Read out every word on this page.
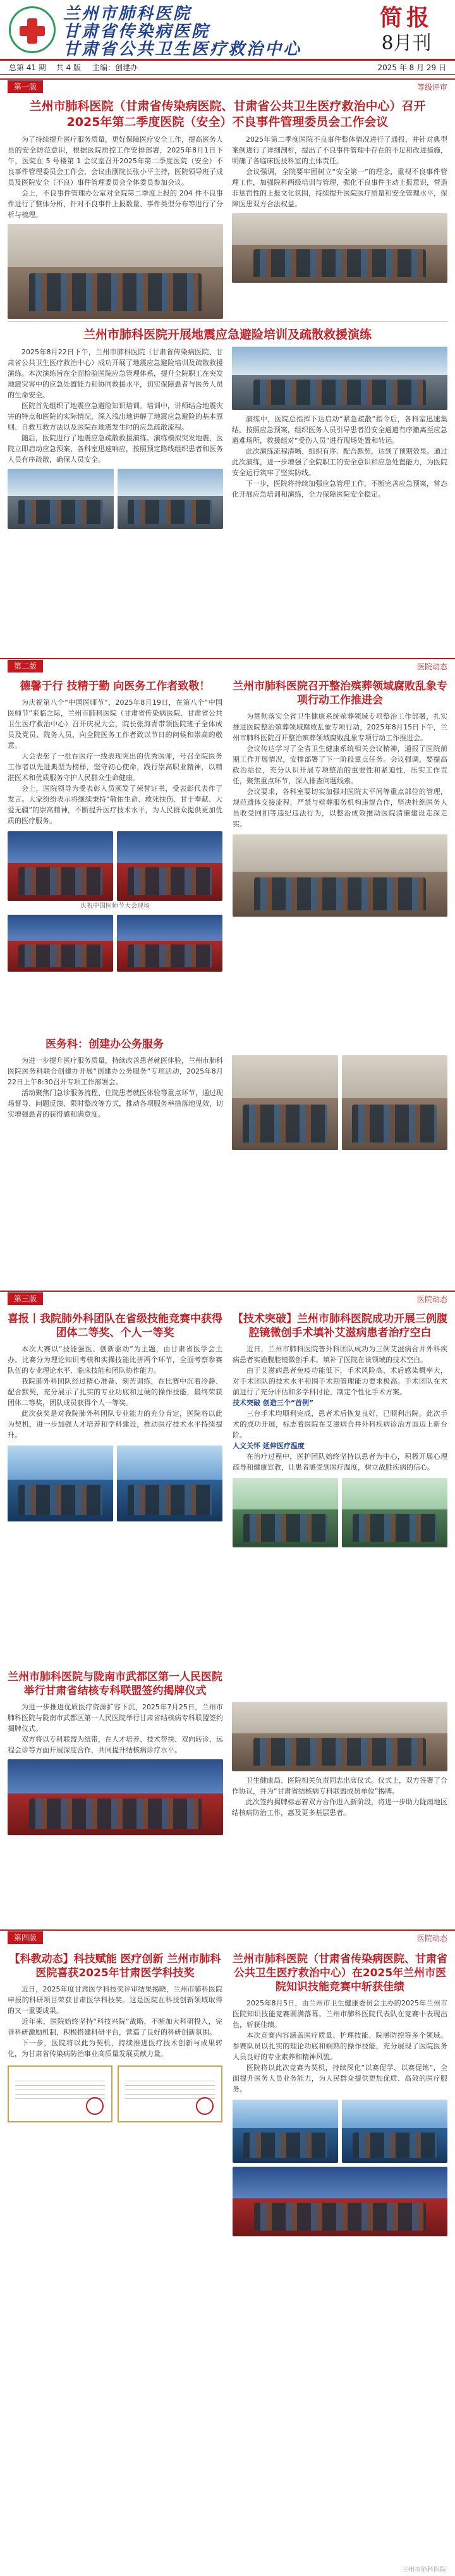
兰州市肺科医院
甘肃省传染病医院
甘肃省公共卫生医疗救治中心
简报
8月刊
总第 41 期 　共 4 版 主编：创建办	2025 年 8 月 29 日
第一版	等级评审
兰州市肺科医院（甘肃省传染病医院、甘肃省公共卫生医疗救治中心）召开2025年第二季度医院（安全）不良事件管理委员会工作会议

为了持续提升医疗服务质量，更好保障医疗安全工作，提高医务人员的安全防范意识，根据医院质控工作安排部署，2025年8月1日下午，医院在 5 号楼第 1 会议室召开2025年第二季度医院（安全）不良事件管理委员会工作会，会议由副院长张小平主持，医院领导班子成员及医院安全（不良）事件管理委员会全体委员参加会议。

会上，不良事件管理办公室对全院第二季度上报的 204 件不良事件进行了整体分析，针对不良事件上报数量、事件类型分布等进行了分析与梳理。

2025年第二季度医院不良事件整体情况进行了通报，并针对典型案例进行了详细剖析，提出了不良事件管理中存在的不足和改进措施，明确了各临床医技科室的主体责任。

会议强调，全院要牢固树立“安全第一”的理念，重视不良事件管理工作，加强院科两级培训与管理，强化不良事件主动上报意识，营造非惩罚性的上报文化氛围，持续提升医院医疗质量和安全管理水平，保障医患双方合法权益。

兰州市肺科医院开展地震应急避险培训及疏散救援演练

2025年8月22日下午，兰州市肺科医院（甘肃省传染病医院、甘肃省公共卫生医疗救治中心）成功开展了地震应急避险培训及疏散救援演练。本次演练旨在全面检验医院应急管理体系，提升全院职工在突发地震灾害中的应急处置能力和协同救援水平，切实保障患者与医务人员的生命安全。

医院首先组织了地震应急避险知识培训。培训中，讲师结合地震灾害的特点和医院的实际情况，深入浅出地讲解了地震应急避险的基本原则、自救互救方法以及医院在地震发生时的应急疏散流程。

随后，医院进行了地震应急疏散救援演练。演练模拟突发地震，医院立即启动应急预案，各科室迅速响应，按照预定路线组织患者和医务人员有序疏散，确保人员安全。

演练中，医院总指挥下达启动“紧急疏散”指令后，各科室迅速集结，按照应急预案，组织医务人员引导患者沿安全通道有序撤离至应急避难场所，救援组对“受伤人员”进行现场处置和转运。

此次演练流程清晰、组织有序、配合默契，达到了预期效果。通过此次演练，进一步增强了全院职工的安全意识和应急处置能力，为医院安全运行筑牢了坚实防线。

下一步，医院将持续加强应急管理工作，不断完善应急预案，常态化开展应急培训和演练，全力保障医院安全稳定。

第二版	医院动态
德馨于行 技精于勤 向医务工作者致敬！

为庆祝第八个“中国医师节”，2025年8月19日，在第八个“中国医师节”来临之际，兰州市肺科医院（甘肃省传染病医院、甘肃省公共卫生医疗救治中心）召开庆祝大会，院长张海青带领医院班子全体成员及党员、院务人员，向全院医务工作者致以节日的问候和崇高的敬意。

大会表彰了一批在医疗一线表现突出的优秀医师，号召全院医务工作者以先进典型为榜样，坚守初心使命，践行崇高职业精神，以精湛医术和优质服务守护人民群众生命健康。

会上，医院领导为受表彰人员颁发了荣誉证书，受表彰代表作了发言。大家纷纷表示将继续秉持“敬佑生命、救死扶伤、甘于奉献、大爱无疆”的崇高精神，不断提升医疗技术水平，为人民群众提供更加优质的医疗服务。

庆祝中国医师节大会现场
兰州市肺科医院召开整治殡葬领域腐败乱象专项行动工作推进会

为贯彻落实全省卫生健康系统殡葬领域专项整治工作部署，扎实推进医院整治殡葬领域腐败乱象专项行动，2025年8月15日下午，兰州市肺科医院召开整治殡葬领域腐败乱象专项行动工作推进会。

会议传达学习了全省卫生健康系统相关会议精神，通报了医院前期工作开展情况，安排部署了下一阶段重点任务。会议强调，要提高政治站位，充分认识开展专项整治的重要性和紧迫性，压实工作责任，聚焦重点环节，深入排查问题线索。

会议要求，各科室要切实加强对医院太平间等重点部位的管理，规范遗体交接流程，严禁与殡葬服务机构违规合作，坚决杜绝医务人员收受回扣等违纪违法行为，以整治成效推动医院清廉建设走深走实。

医务科：创建办公务服务

为进一步提升医疗服务质量，持续改善患者就医体验，兰州市肺科医院医务科联合创建办开展“创建办公务服务”专项活动，2025年8月22日上午8:30召开专项工作部署会。

活动聚焦门急诊服务流程、住院患者就医体验等重点环节，通过现场督导、问题反馈、限时整改等方式，推动各项服务举措落地见效，切实增强患者的获得感和满意度。

第三版	医院动态
喜报丨我院肺外科团队在省级技能竞赛中获得团体二等奖、个人一等奖

本次大赛以“技能强医、创新驱动”为主题，由甘肃省医学会主办。比赛分为理论知识考核和实操技能比拼两个环节，全面考察参赛队伍的专业理论水平、临床技能和团队协作能力。

我院肺外科团队经过精心准备、刻苦训练，在比赛中沉着冷静、配合默契，充分展示了扎实的专业功底和过硬的操作技能，最终荣获团体二等奖，团队成员获得个人一等奖。

此次获奖是对我院肺外科团队专业能力的充分肯定，医院将以此为契机，进一步加强人才培养和学科建设，推动医疗技术水平持续提升。

【技术突破】兰州市肺科医院成功开展三例腹腔镜微创手术填补艾滋病患者治疗空白

近日，兰州市肺科医院普外科团队成功为三例艾滋病合并外科疾病患者实施腹腔镜微创手术，填补了医院在该领域的技术空白。

由于艾滋病患者免疫功能低下，手术风险高、术后感染概率大，对手术团队的技术水平和围手术期管理能力要求极高。手术团队在术前进行了充分评估和多学科讨论，制定个性化手术方案。

技术突破 创造三个“首例”

三台手术均顺利完成，患者术后恢复良好，已顺利出院。此次手术的成功开展，标志着医院在艾滋病合并外科疾病诊治方面迈上新台阶。

人文关怀 延伸医疗温度

在治疗过程中，医护团队始终坚持以患者为中心，积极开展心理疏导和健康宣教，让患者感受到医疗温度，树立战胜疾病的信心。

兰州市肺科医院与陇南市武都区第一人民医院举行甘肃省结核专科联盟签约揭牌仪式

为进一步推进优质医疗资源扩容下沉，2025年7月25日，兰州市肺科医院与陇南市武都区第一人民医院举行甘肃省结核病专科联盟签约揭牌仪式。

双方将以专科联盟为纽带，在人才培养、技术帮扶、双向转诊、远程会诊等方面开展深度合作，共同提升结核病诊疗水平。

卫生健康局、医院相关负责同志出席仪式。仪式上，双方签署了合作协议，并为“甘肃省结核病专科联盟成员单位”揭牌。

此次签约揭牌标志着双方合作进入新阶段，将进一步助力陇南地区结核病防治工作，惠及更多基层患者。

第四版	医院动态
【科教动态】科技赋能 医疗创新 兰州市肺科医院喜获2025年甘肃医学科技奖

近日，2025年度甘肃医学科技奖评审结果揭晓，兰州市肺科医院申报的科研项目荣获甘肃医学科技奖。这是医院在科技创新领域取得的又一重要成果。

近年来，医院始终坚持“科技兴院”战略，不断加大科研投入，完善科研激励机制，积极搭建科研平台，营造了良好的科研创新氛围。

下一步，医院将以此为契机，持续推进医疗技术创新与成果转化，为甘肃省传染病防治事业高质量发展贡献力量。

兰州市肺科医院（甘肃省传染病医院、甘肃省公共卫生医疗救治中心）在2025年兰州市医院知识技能竞赛中斩获佳绩

2025年8月5日，由兰州市卫生健康委员会主办的2025年兰州市医院知识技能竞赛圆满落幕。兰州市肺科医院代表队在竞赛中表现出色，斩获佳绩。

本次竞赛内容涵盖医疗质量、护理技能、院感防控等多个领域。参赛队员以扎实的理论功底和娴熟的操作技能，充分展现了医院医务人员良好的专业素养和精神风貌。

医院将以此次竞赛为契机，持续深化“以赛促学、以赛促练”，全面提升医务人员业务能力，为人民群众提供更加优质、高效的医疗服务。

兰州市肺科医院
